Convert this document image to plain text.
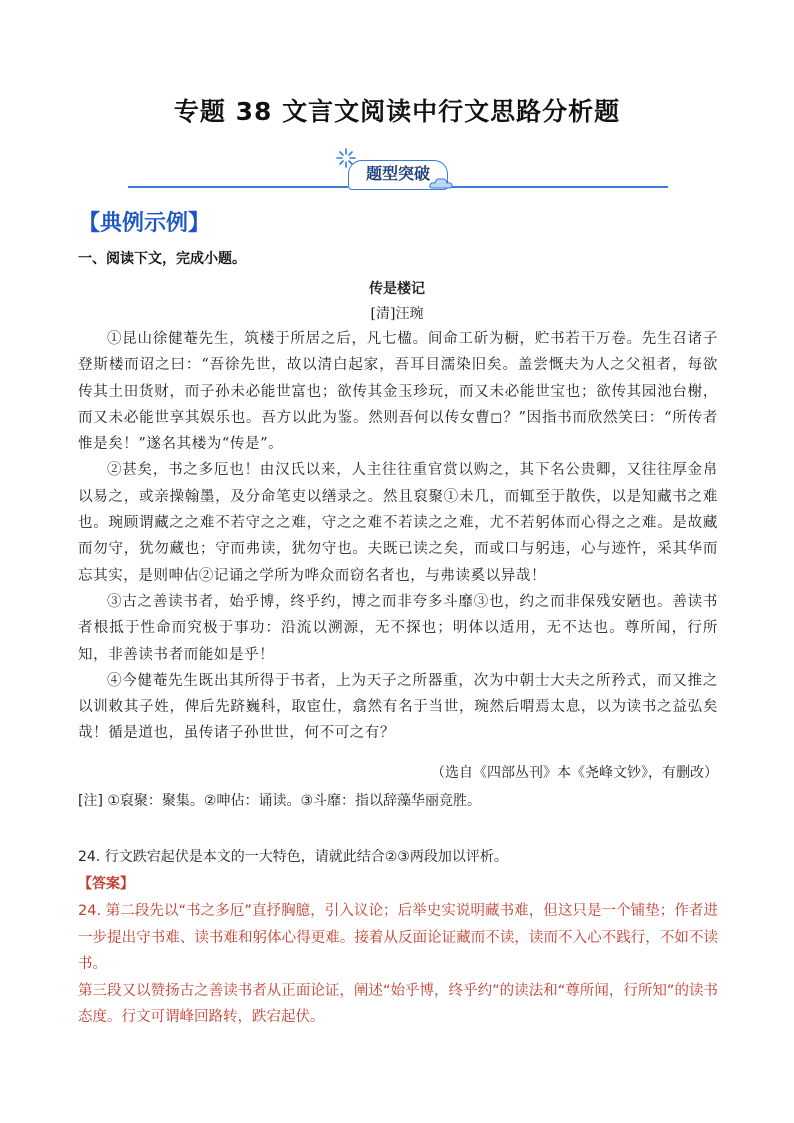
专题 38 文言文阅读中行文思路分析题
题型突破
【典例示例】

一、阅读下文，完成小题。

传是楼记

[清]汪琬

①昆山徐健菴先生，筑楼于所居之后，凡七楹。间命工斫为橱，贮书若干万卷。先生召诸子登斯楼而诏之曰：“吾徐先世，故以清白起家，吾耳目濡染旧矣。盖尝慨夫为人之父祖者，每欲传其土田货财，而子孙未必能世富也；欲传其金玉珍玩，而又未必能世宝也；欲传其园池台榭，而又未必能世享其娱乐也。吾方以此为鉴。然则吾何以传女曹◻？”因指书而欣然笑曰：“所传者惟是矣！”遂名其楼为“传是”。

②甚矣，书之多厄也！由汉氏以来，人主往往重官赏以购之，其下名公贵卿，又往往厚金帛以易之，或亲操翰墨，及分命笔吏以缮录之。然且裒聚①未几，而辄至于散佚，以是知藏书之难也。琬顾谓藏之之难不若守之之难，守之之难不若读之之难，尤不若躬体而心得之之难。是故藏而勿守，犹勿藏也；守而弗读，犹勿守也。夫既已读之矣，而或口与躬违，心与迹忤，采其华而忘其实，是则呻佔②记诵之学所为哗众而窃名者也，与弗读奚以异哉！

③古之善读书者，始乎博，终乎约，博之而非夸多斗靡③也，约之而非保残安陋也。善读书者根抵于性命而究极于事功：沿流以溯源，无不探也；明体以适用，无不达也。尊所闻，行所知，非善读书者而能如是乎！

④今健菴先生既出其所得于书者，上为天子之所器重，次为中朝士大夫之所矜式，而又推之以训敕其子姓，俾后先跻巍科，取宦仕，翕然有名于当世，琬然后喟焉太息，以为读书之益弘矣哉！循是道也，虽传诸子孙世世，何不可之有？

（选自《四部丛刊》本《尧峰文钞》，有删改）

[注] ①裒聚：聚集。②呻佔：诵读。③斗靡：指以辞藻华丽竞胜。

24. 行文跌宕起伏是本文的一大特色，请就此结合②③两段加以评析。

【答案】

24. 第二段先以“书之多厄”直抒胸臆，引入议论；后举史实说明藏书难，但这只是一个铺垫；作者进一步提出守书难、读书难和躬体心得更难。接着从反面论证藏而不读，读而不入心不践行，不如不读书。

第三段又以赞扬古之善读书者从正面论证，阐述“始乎博，终乎约”的读法和“尊所闻，行所知”的读书态度。行文可谓峰回路转，跌宕起伏。
